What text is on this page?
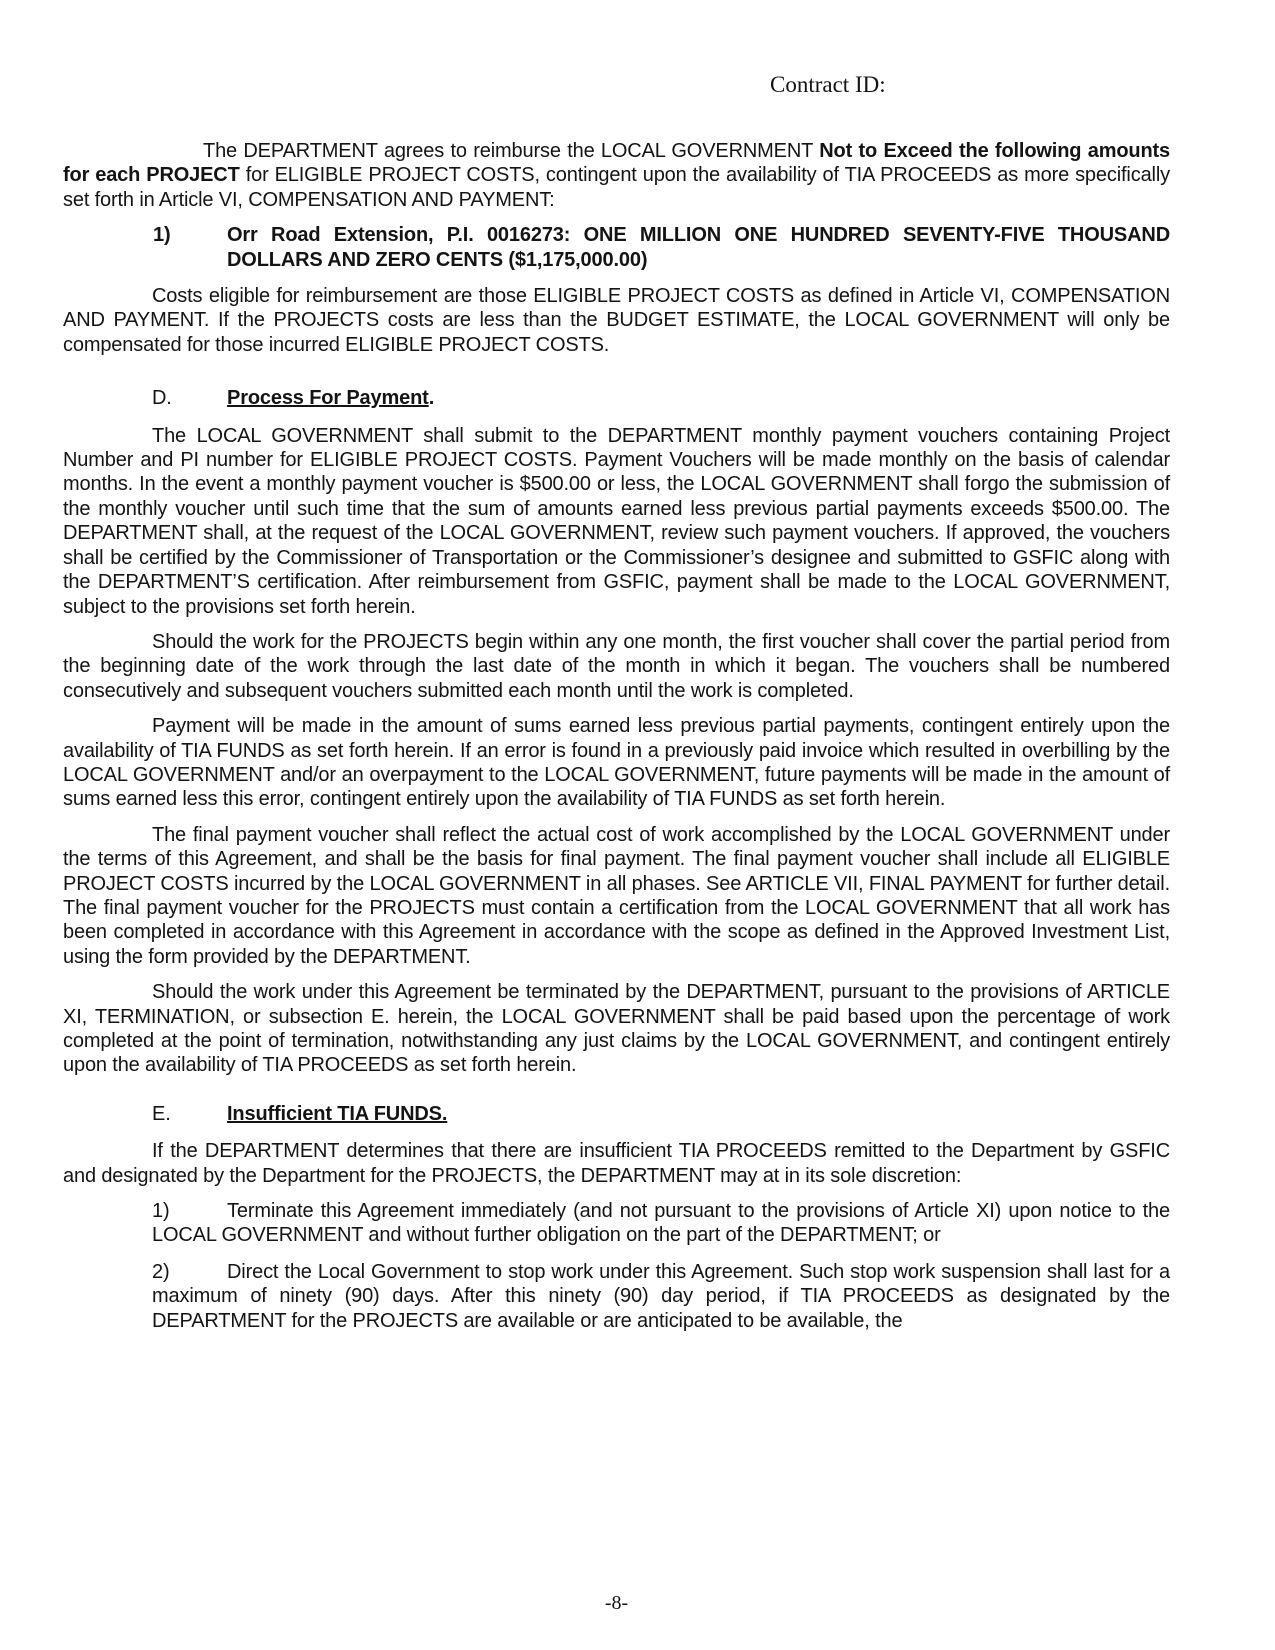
Contract ID:

The DEPARTMENT agrees to reimburse the LOCAL GOVERNMENT Not to Exceed the following amounts for each PROJECT for ELIGIBLE PROJECT COSTS, contingent upon the availability of TIA PROCEEDS as more specifically set forth in Article VI, COMPENSATION AND PAYMENT:

1)	Orr Road Extension, P.I. 0016273: ONE MILLION ONE HUNDRED SEVENTY-FIVE THOUSAND DOLLARS AND ZERO CENTS ($1,175,000.00)

Costs eligible for reimbursement are those ELIGIBLE PROJECT COSTS as defined in Article VI, COMPENSATION AND PAYMENT. If the PROJECTS costs are less than the BUDGET ESTIMATE, the LOCAL GOVERNMENT will only be compensated for those incurred ELIGIBLE PROJECT COSTS.

D.	Process For Payment.

The LOCAL GOVERNMENT shall submit to the DEPARTMENT monthly payment vouchers containing Project Number and PI number for ELIGIBLE PROJECT COSTS. Payment Vouchers will be made monthly on the basis of calendar months. In the event a monthly payment voucher is $500.00 or less, the LOCAL GOVERNMENT shall forgo the submission of the monthly voucher until such time that the sum of amounts earned less previous partial payments exceeds $500.00. The DEPARTMENT shall, at the request of the LOCAL GOVERNMENT, review such payment vouchers. If approved, the vouchers shall be certified by the Commissioner of Transportation or the Commissioner’s designee and submitted to GSFIC along with the DEPARTMENT’S certification. After reimbursement from GSFIC, payment shall be made to the LOCAL GOVERNMENT, subject to the provisions set forth herein.

Should the work for the PROJECTS begin within any one month, the first voucher shall cover the partial period from the beginning date of the work through the last date of the month in which it began. The vouchers shall be numbered consecutively and subsequent vouchers submitted each month until the work is completed.

Payment will be made in the amount of sums earned less previous partial payments, contingent entirely upon the availability of TIA FUNDS as set forth herein. If an error is found in a previously paid invoice which resulted in overbilling by the LOCAL GOVERNMENT and/or an overpayment to the LOCAL GOVERNMENT, future payments will be made in the amount of sums earned less this error, contingent entirely upon the availability of TIA FUNDS as set forth herein.

The final payment voucher shall reflect the actual cost of work accomplished by the LOCAL GOVERNMENT under the terms of this Agreement, and shall be the basis for final payment. The final payment voucher shall include all ELIGIBLE PROJECT COSTS incurred by the LOCAL GOVERNMENT in all phases. See ARTICLE VII, FINAL PAYMENT for further detail. The final payment voucher for the PROJECTS must contain a certification from the LOCAL GOVERNMENT that all work has been completed in accordance with this Agreement in accordance with the scope as defined in the Approved Investment List, using the form provided by the DEPARTMENT.

Should the work under this Agreement be terminated by the DEPARTMENT, pursuant to the provisions of ARTICLE XI, TERMINATION, or subsection E. herein, the LOCAL GOVERNMENT shall be paid based upon the percentage of work completed at the point of termination, notwithstanding any just claims by the LOCAL GOVERNMENT, and contingent entirely upon the availability of TIA PROCEEDS as set forth herein.

E.	Insufficient TIA FUNDS.

If the DEPARTMENT determines that there are insufficient TIA PROCEEDS remitted to the Department by GSFIC and designated by the Department for the PROJECTS, the DEPARTMENT may at in its sole discretion:

1)	Terminate this Agreement immediately (and not pursuant to the provisions of Article XI) upon notice to the LOCAL GOVERNMENT and without further obligation on the part of the DEPARTMENT; or
2)	Direct the Local Government to stop work under this Agreement. Such stop work suspension shall last for a maximum of ninety (90) days. After this ninety (90) day period, if TIA PROCEEDS as designated by the DEPARTMENT for the PROJECTS are available or are anticipated to be available, the
-8-
